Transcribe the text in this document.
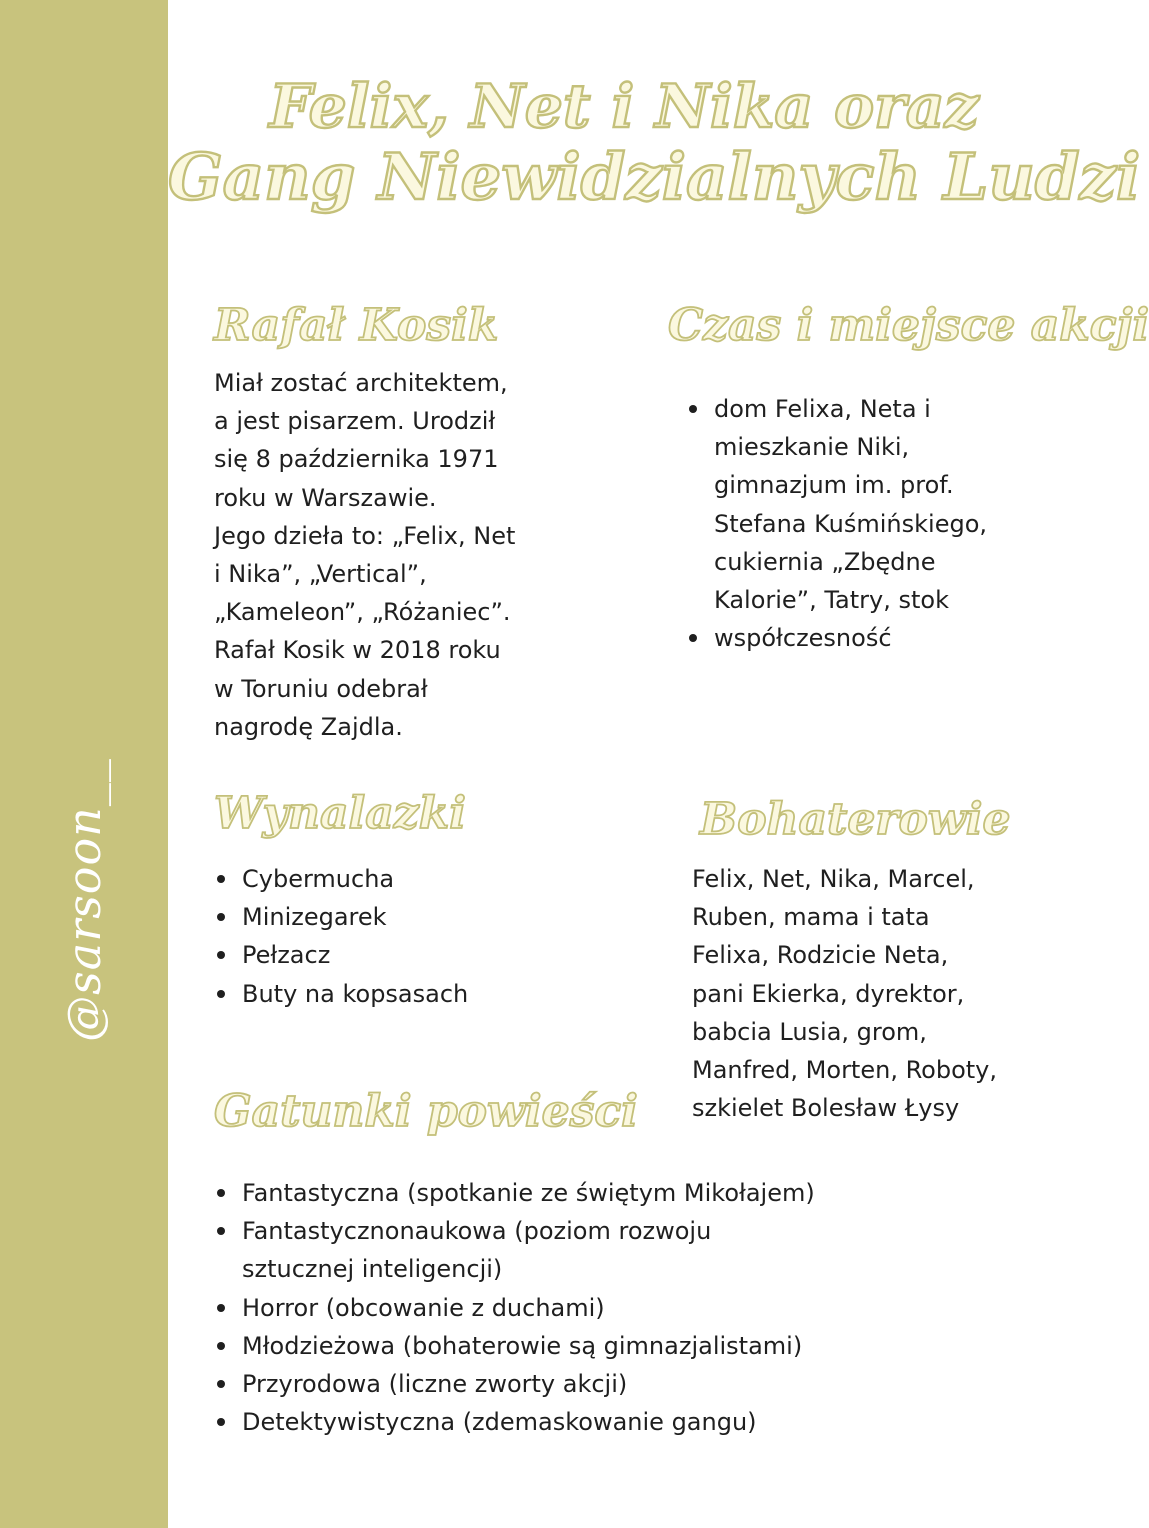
@sarsoon__
Felix, Net i Nika oraz
Gang Niewidzialnych Ludzi
Rafał Kosik

Miał zostać architektem,

a jest pisarzem. Urodził

się 8 października 1971

roku w Warszawie.

Jego dzieła to: „Felix, Net

i Nika”, „Vertical”,

„Kameleon”, „Różaniec”.

Rafał Kosik w 2018 roku

w Toruniu odebrał

nagrodę Zajdla.

Czas i miejsce akcji
dom Felixa, Neta i
mieszkanie Niki,
gimnazjum im. prof.
Stefana Kuśmińskiego,
cukiernia „Zbędne
Kalorie”, Tatry, stok
współczesność
Wynalazki
Cybermucha
Minizegarek
Pełzacz
Buty na kopsasach
Bohaterowie

Felix, Net, Nika, Marcel,

Ruben, mama i tata

Felixa, Rodzicie Neta,

pani Ekierka, dyrektor,

babcia Lusia, grom,

Manfred, Morten, Roboty,

szkielet Bolesław Łysy

Gatunki powieści
Fantastyczna (spotkanie ze świętym Mikołajem)
Fantastycznonaukowa (poziom rozwoju
sztucznej inteligencji)
Horror (obcowanie z duchami)
Młodzieżowa (bohaterowie są gimnazjalistami)
Przyrodowa (liczne zworty akcji)
Detektywistyczna (zdemaskowanie gangu)
